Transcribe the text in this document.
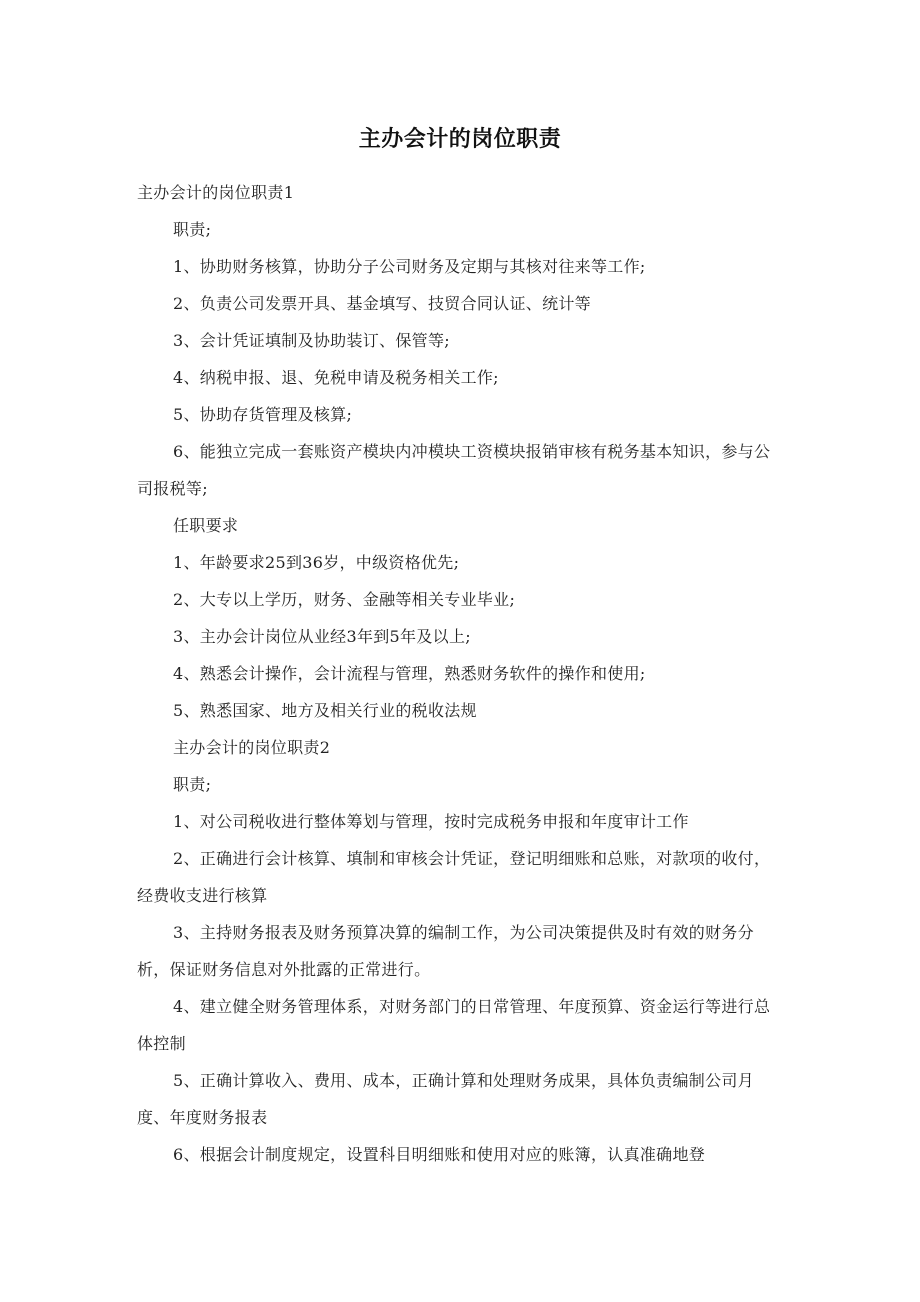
主办会计的岗位职责

主办会计的岗位职责1

职责;

1、协助财务核算，协助分子公司财务及定期与其核对往来等工作;

2、负责公司发票开具、基金填写、技贸合同认证、统计等

3、会计凭证填制及协助装订、保管等;

4、纳税申报、退、免税申请及税务相关工作;

5、协助存货管理及核算;

6、能独立完成一套账资产模块内冲模块工资模块报销审核有税务基本知识，参与公司报税等;

任职要求

1、年龄要求25到36岁，中级资格优先;

2、大专以上学历，财务、金融等相关专业毕业;

3、主办会计岗位从业经3年到5年及以上;

4、熟悉会计操作，会计流程与管理，熟悉财务软件的操作和使用;

5、熟悉国家、地方及相关行业的税收法规

主办会计的岗位职责2

职责;

1、对公司税收进行整体筹划与管理，按时完成税务申报和年度审计工作

2、正确进行会计核算、填制和审核会计凭证，登记明细账和总账，对款项的收付，经费收支进行核算

3、主持财务报表及财务预算决算的编制工作，为公司决策提供及时有效的财务分析，保证财务信息对外批露的正常进行。

4、建立健全财务管理体系，对财务部门的日常管理、年度预算、资金运行等进行总体控制

5、正确计算收入、费用、成本，正确计算和处理财务成果，具体负责编制公司月度、年度财务报表

6、根据会计制度规定，设置科目明细账和使用对应的账簿，认真准确地登
